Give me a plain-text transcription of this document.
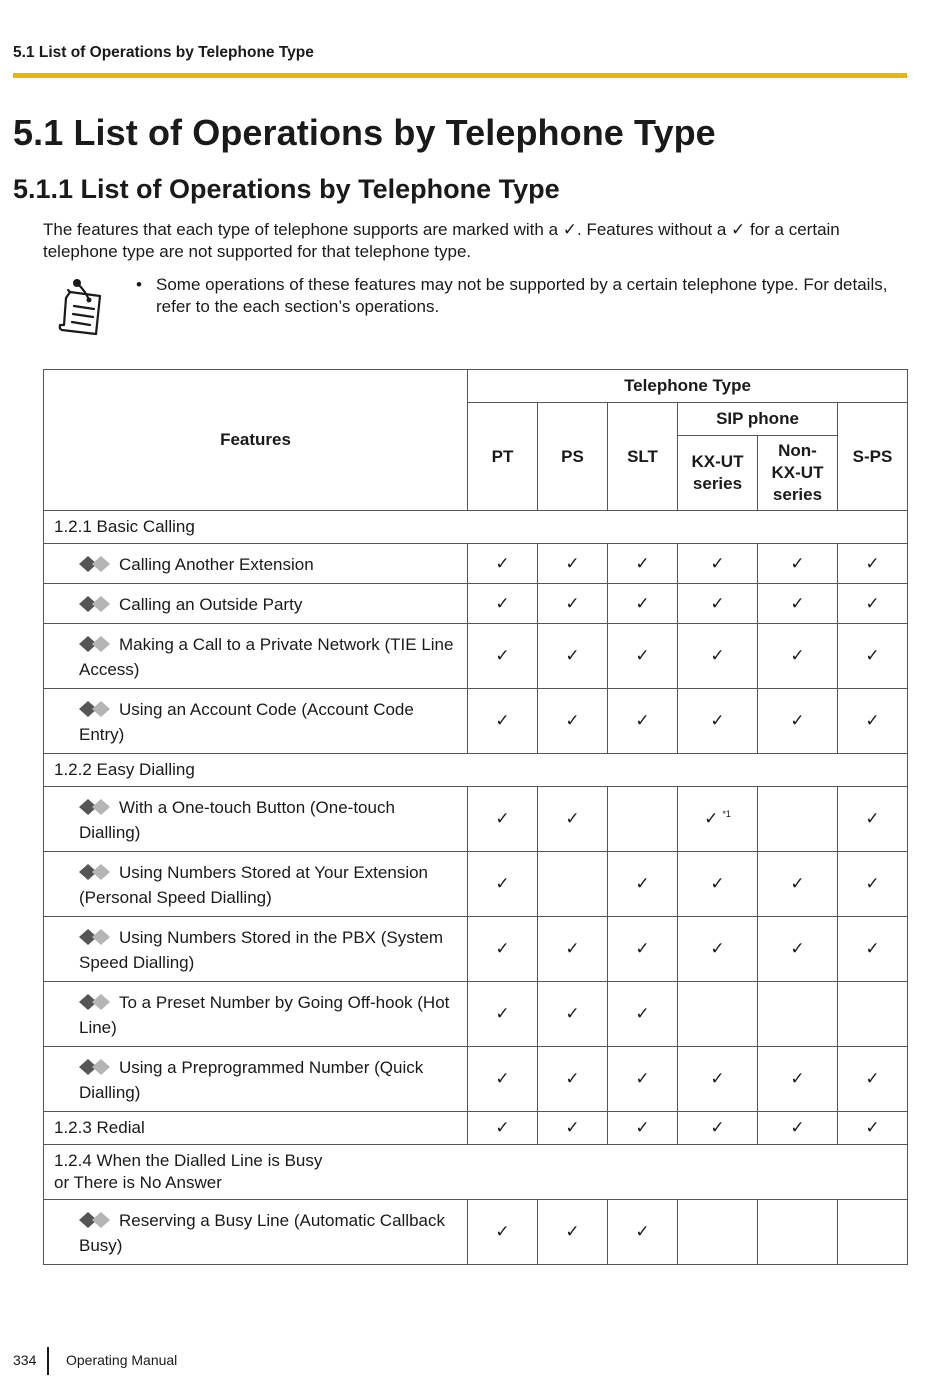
5.1 List of Operations by Telephone Type
5.1 List of Operations by Telephone Type
5.1.1 List of Operations by Telephone Type
The features that each type of telephone supports are marked with a ✓. Features without a ✓ for a certain telephone type are not supported for that telephone type.
• Some operations of these features may not be supported by a certain telephone type. For details, refer to the each section’s operations.
Features	Telephone Type					
	PT	PS	SLT	SIP phone		S-PS
				KX-UT series	Non-KX-UT series	
1.2.1 Basic Calling						
Calling Another Extension	✓	✓	✓	✓	✓	✓
Calling an Outside Party	✓	✓	✓	✓	✓	✓
Making a Call to a Private Network (TIE Line Access)	✓	✓	✓	✓	✓	✓
Using an Account Code (Account Code Entry)	✓	✓	✓	✓	✓	✓
1.2.2 Easy Dialling						
With a One-touch Button (One-touch Dialling)	✓	✓		✓ $^{*1}$		✓
Using Numbers Stored at Your Extension (Personal Speed Dialling)	✓		✓	✓	✓	✓
Using Numbers Stored in the PBX (System Speed Dialling)	✓	✓	✓	✓	✓	✓
To a Preset Number by Going Off-hook (Hot Line)	✓	✓	✓			
Using a Preprogrammed Number (Quick Dialling)	✓	✓	✓	✓	✓	✓
1.2.3 Redial	✓	✓	✓	✓	✓	✓
1.2.4 When the Dialled Line is Busy or There is No Answer						
Reserving a Busy Line (Automatic Callback Busy)	✓	✓	✓			
334 Operating Manual
